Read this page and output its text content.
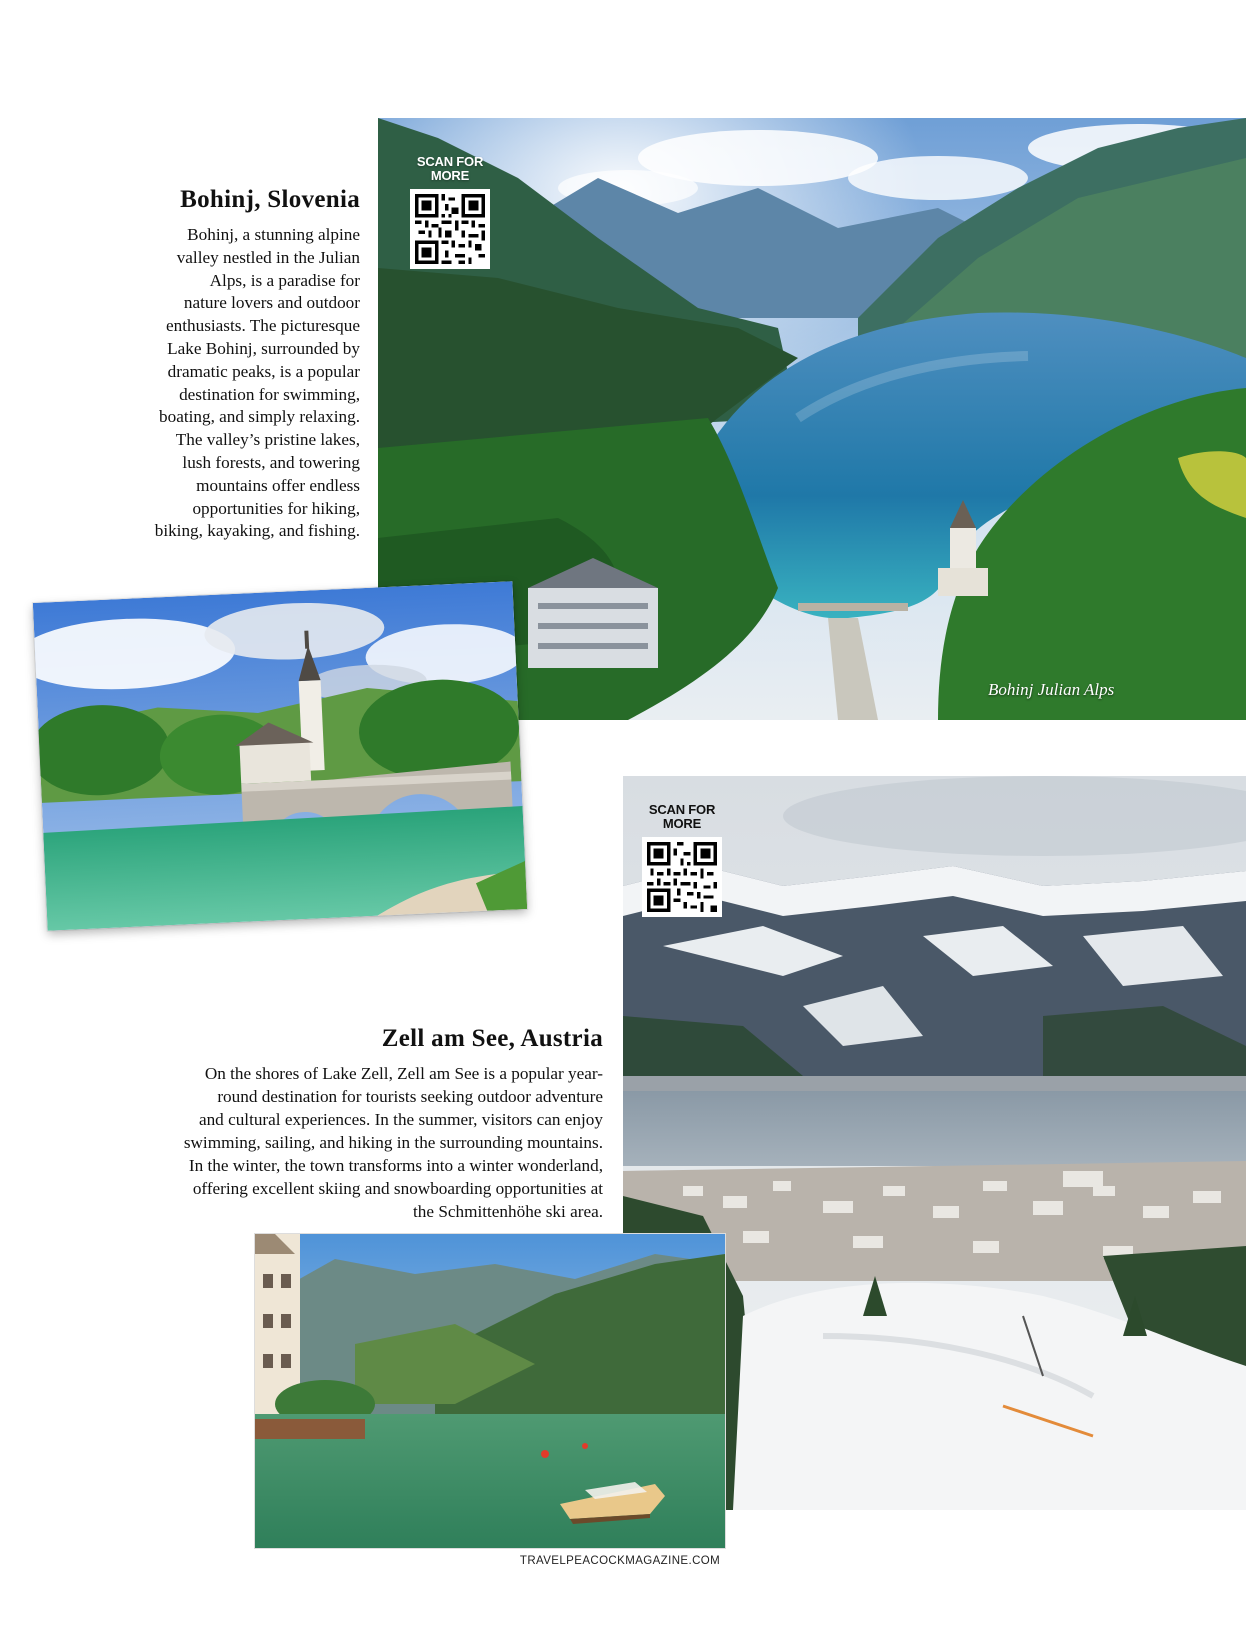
Bohinj, Slovenia
Bohinj, a stunning alpine
valley nestled in the Julian
Alps, is a paradise for
nature lovers and outdoor
enthusiasts. The picturesque
Lake Bohinj, surrounded by
dramatic peaks, is a popular
destination for swimming,
boating, and simply relaxing.
The valley’s pristine lakes,
lush forests, and towering
mountains offer endless
opportunities for hiking,
biking, kayaking, and fishing.
Bohinj Julian Alps
SCAN FOR
MORE
SCAN FOR
MORE
Zell am See, Austria
On the shores of Lake Zell, Zell am See is a popular year-
round destination for tourists seeking outdoor adventure
and cultural experiences. In the summer, visitors can enjoy
swimming, sailing, and hiking in the surrounding mountains.
In the winter, the town transforms into a winter wonderland,
offering excellent skiing and snowboarding opportunities at
the Schmittenhöhe ski area.
TRAVELPEACOCKMAGAZINE.COM
